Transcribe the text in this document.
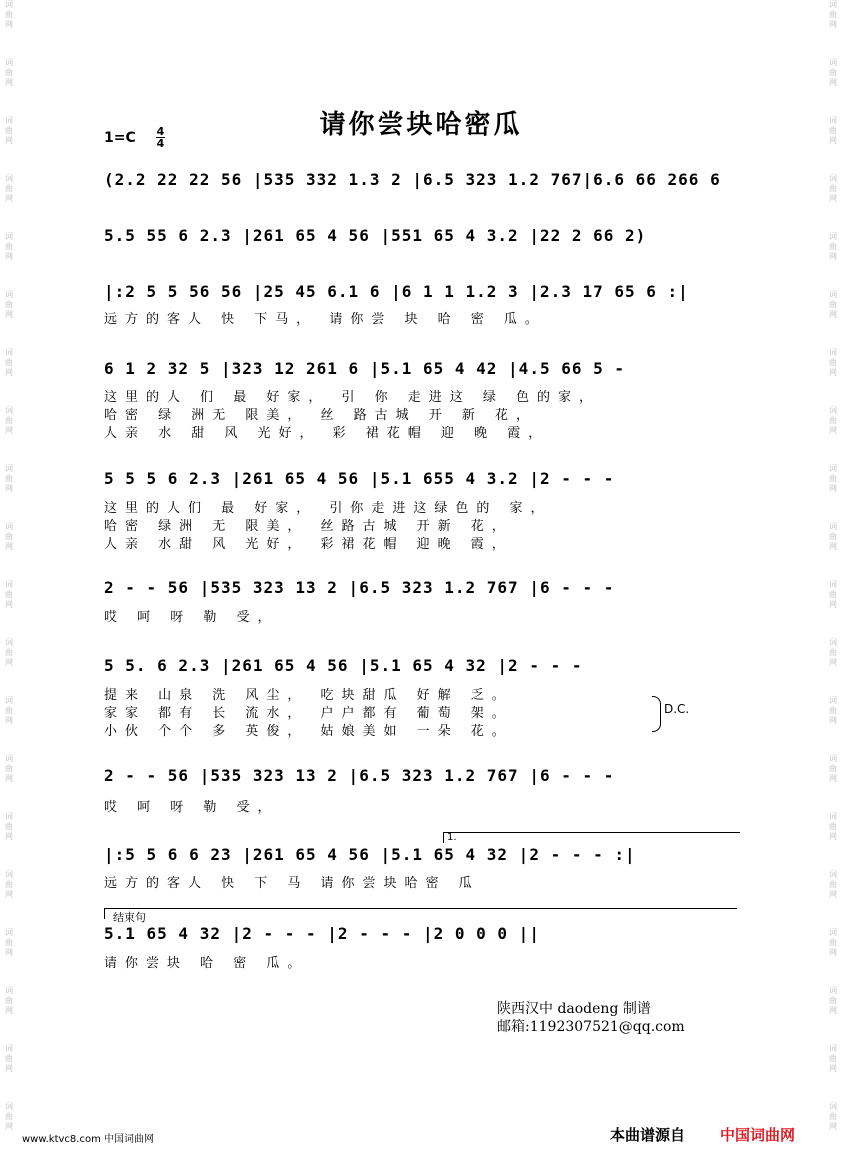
词
曲
网
词
曲
网
词
曲
网
词
曲
网
词
曲
网
词
曲
网
词
曲
网
词
曲
网
词
曲
网
词
曲
网
词
曲
网
词
曲
网
词
曲
网
词
曲
网
词
曲
网
词
曲
网
词
曲
网
词
曲
网
词
曲
网
词
曲
网
词
曲
网
词
曲
网
词
曲
网
词
曲
网
词
曲
网
词
曲
网
词
曲
网
词
曲
网
词
曲
网
词
曲
网
词
曲
网
词
曲
网
词
曲
网
词
曲
网
词
曲
网
词
曲
网
词
曲
网
词
曲
网
词
曲
网
词
曲
网
请你尝块哈密瓜
1=C 4
4
(2.2 22 22 56 |535 332 1.3 2 |6.5 323 1.2 767|6.6 66 266 6
5.5 55 6 2.3 |261 65 4 56 |551 65 4 3.2 |22 2 66 2)
|:2 5 5 56 56 |25 45 6.1 6 |6 1 1 1.2 3 |2.3 17 65 6 :|
6 1 2 32 5 |323 12 261 6 |5.1 65 4 42 |4.5 66 5 -
5 5 5 6 2.3 |261 65 4 56 |5.1 655 4 3.2 |2 - - -
2 - - 56 |535 323 13 2 |6.5 323 1.2 767 |6 - - -
5 5. 6 2.3 |261 65 4 56 |5.1 65 4 32 |2 - - -
2 - - 56 |535 323 13 2 |6.5 323 1.2 767 |6 - - -
|:5 5 6 6 23 |261 65 4 56 |5.1 65 4 32 |2 - - - :|
5.1 65 4 32 |2 - - - |2 - - - |2 0 0 0 ||
远方的客人 快 下马， 请你尝 块 哈 密 瓜。
这里的人 们 最 好家， 引 你 走进这 绿 色的家，
哈密 绿 洲无 限美， 丝 路古城 开 新 花，
人亲 水 甜 风 光好， 彩 裙花帽 迎 晚 霞，
这里的人们 最 好家， 引你走进这绿色的 家，
哈密 绿洲 无 限美， 丝路古城 开新 花，
人亲 水甜 风 光好， 彩裙花帽 迎晚 霞，
哎 呵 呀 勒 受，
提来 山泉 洗 风尘， 吃块甜瓜 好解 乏。
家家 都有 长 流水， 户户都有 葡萄 架。
小伙 个个 多 英俊， 姑娘美如 一朵 花。
哎 呵 呀 勒 受，
远方的客人 快 下 马 请你尝块哈密 瓜
请你尝块 哈 密 瓜。
D.C.
1.
结束句
陕西汉中 daodeng 制谱
邮箱:1192307521@qq.com
www.ktvc8.com 中国词曲网	本曲谱源自 中国词曲网
